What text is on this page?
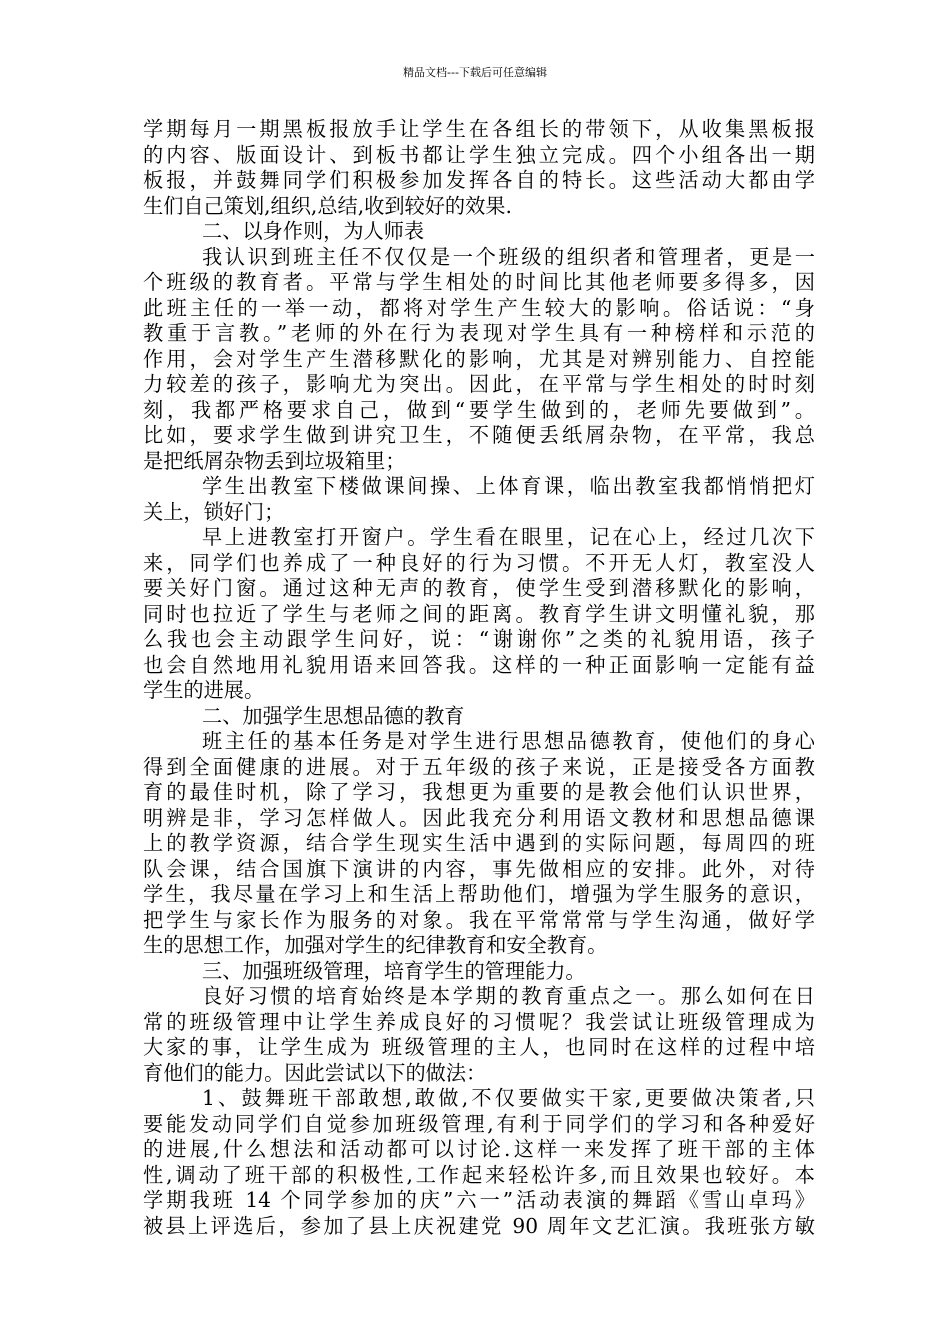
精品文档---下载后可任意编辑
学期每月一期黑板报放手让学生在各组长的带领下，从收集黑板报
的内容、版面设计、到板书都让学生独立完成。四个小组各出一期
板报，并鼓舞同学们积极参加发挥各自的特长。这些活动大都由学
生们自己策划,组织,总结,收到较好的效果.
二、以身作则，为人师表
我认识到班主任不仅仅是一个班级的组织者和管理者，更是一
个班级的教育者。平常与学生相处的时间比其他老师要多得多，因
此班主任的一举一动，都将对学生产生较大的影响。俗话说：“身
教重于言教。”老师的外在行为表现对学生具有一种榜样和示范的
作用，会对学生产生潜移默化的影响，尤其是对辨别能力、自控能
力较差的孩子，影响尤为突出。因此，在平常与学生相处的时时刻
刻，我都严格要求自己，做到“要学生做到的，老师先要做到”。
比如，要求学生做到讲究卫生，不随便丢纸屑杂物，在平常，我总
是把纸屑杂物丢到垃圾箱里；
学生出教室下楼做课间操、上体育课，临出教室我都悄悄把灯
关上，锁好门；
早上进教室打开窗户。学生看在眼里，记在心上，经过几次下
来，同学们也养成了一种良好的行为习惯。不开无人灯，教室没人
要关好门窗。通过这种无声的教育，使学生受到潜移默化的影响，
同时也拉近了学生与老师之间的距离。教育学生讲文明懂礼貌，那
么我也会主动跟学生问好，说：“谢谢你”之类的礼貌用语，孩子
也会自然地用礼貌用语来回答我。这样的一种正面影响一定能有益
学生的进展。
二、加强学生思想品德的教育
班主任的基本任务是对学生进行思想品德教育，使他们的身心
得到全面健康的进展。对于五年级的孩子来说，正是接受各方面教
育的最佳时机，除了学习，我想更为重要的是教会他们认识世界，
明辨是非，学习怎样做人。因此我充分利用语文教材和思想品德课
上的教学资源，结合学生现实生活中遇到的实际问题，每周四的班
队会课，结合国旗下演讲的内容，事先做相应的安排。此外，对待
学生，我尽量在学习上和生活上帮助他们，增强为学生服务的意识，
把学生与家长作为服务的对象。我在平常常常与学生沟通，做好学
生的思想工作，加强对学生的纪律教育和安全教育。
三、加强班级管理，培育学生的管理能力。
良好习惯的培育始终是本学期的教育重点之一。那么如何在日
常的班级管理中让学生养成良好的习惯呢？我尝试让班级管理成为
大家的事，让学生成为 班级管理的主人，也同时在这样的过程中培
育他们的能力。因此尝试以下的做法：
1、鼓舞班干部敢想,敢做,不仅要做实干家,更要做决策者,只
要能发动同学们自觉参加班级管理,有利于同学们的学习和各种爱好
的进展,什么想法和活动都可以讨论.这样一来发挥了班干部的主体
性,调动了班干部的积极性,工作起来轻松许多,而且效果也较好。本
学期我班 14 个同学参加的庆”六一”活动表演的舞蹈《雪山卓玛》
被县上评选后，参加了县上庆祝建党 90 周年文艺汇演。我班张方敏
